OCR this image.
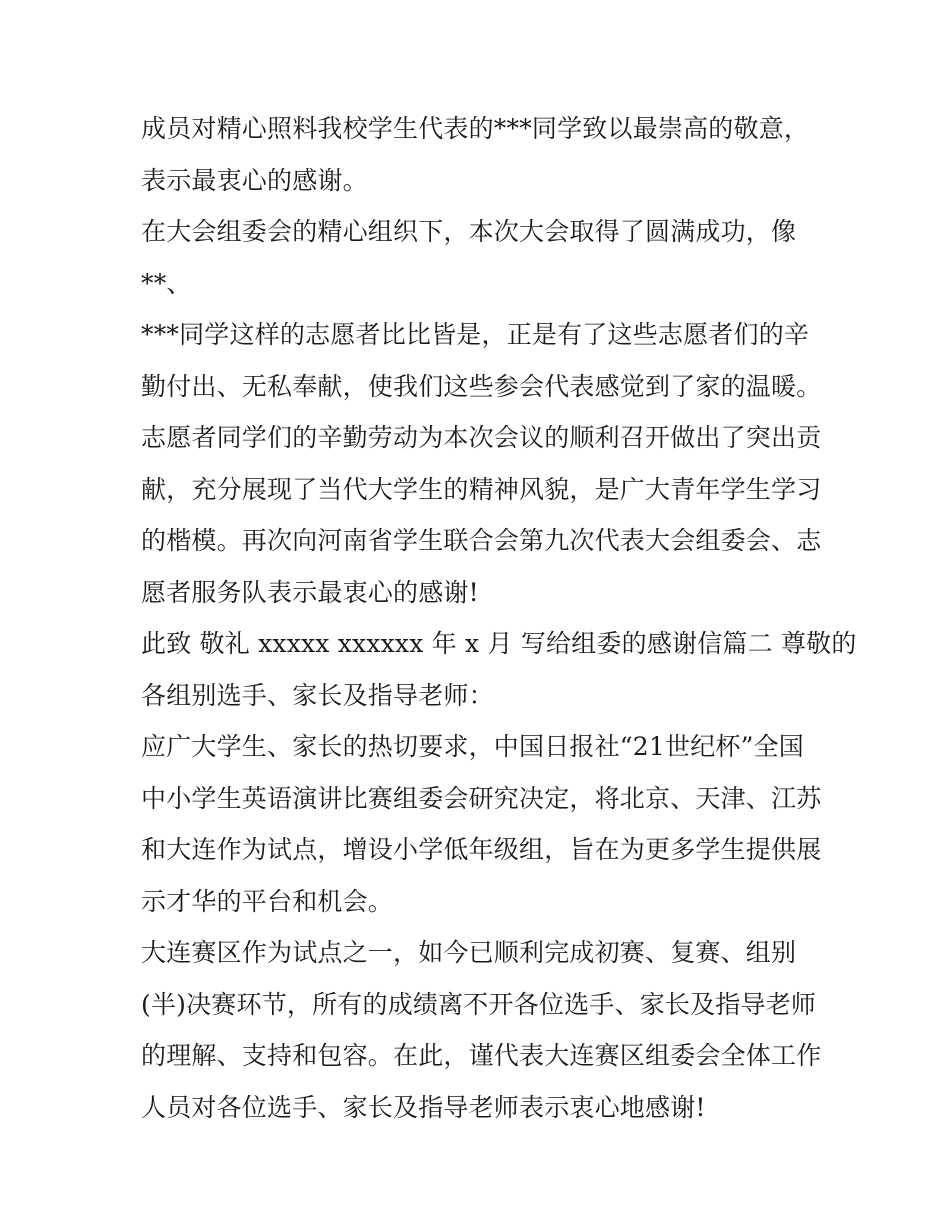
成员对精心照料我校学生代表的***同学致以最崇高的敬意，
表示最衷心的感谢。
在大会组委会的精心组织下，本次大会取得了圆满成功，像
**、
***同学这样的志愿者比比皆是，正是有了这些志愿者们的辛
勤付出、无私奉献，使我们这些参会代表感觉到了家的温暖。
志愿者同学们的辛勤劳动为本次会议的顺利召开做出了突出贡
献，充分展现了当代大学生的精神风貌，是广大青年学生学习
的楷模。再次向河南省学生联合会第九次代表大会组委会、志
愿者服务队表示最衷心的感谢!
此致 敬礼 xxxxx xxxxxx 年 x 月 写给组委的感谢信篇二 尊敬的
各组别选手、家长及指导老师：
应广大学生、家长的热切要求，中国日报社“21世纪杯”全国
中小学生英语演讲比赛组委会研究决定，将北京、天津、江苏
和大连作为试点，增设小学低年级组，旨在为更多学生提供展
示才华的平台和机会。
大连赛区作为试点之一，如今已顺利完成初赛、复赛、组别
(半)决赛环节，所有的成绩离不开各位选手、家长及指导老师
的理解、支持和包容。在此，谨代表大连赛区组委会全体工作
人员对各位选手、家长及指导老师表示衷心地感谢!
